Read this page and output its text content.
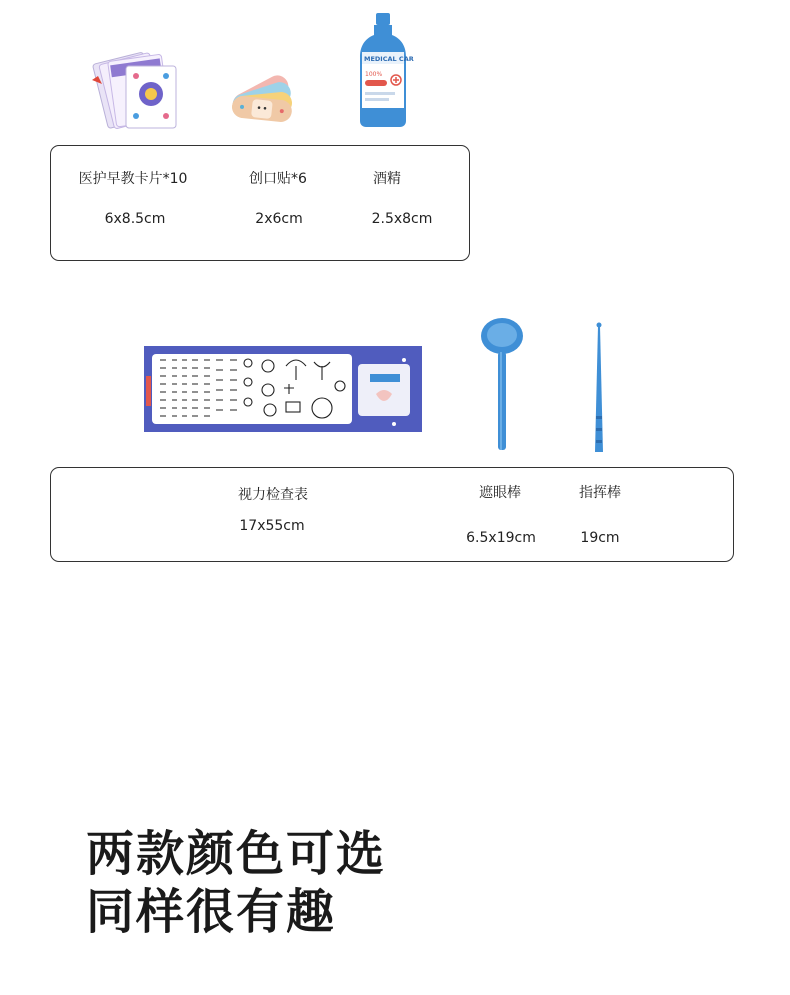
MEDICAL CAR
100%
医护早教卡片*10
6x8.5cm
创口贴*6
2x6cm
酒精
2.5x8cm
视力检查表
17x55cm
遮眼棒
6.5x19cm
指挥棒
19cm
两款颜色可选
同样很有趣
